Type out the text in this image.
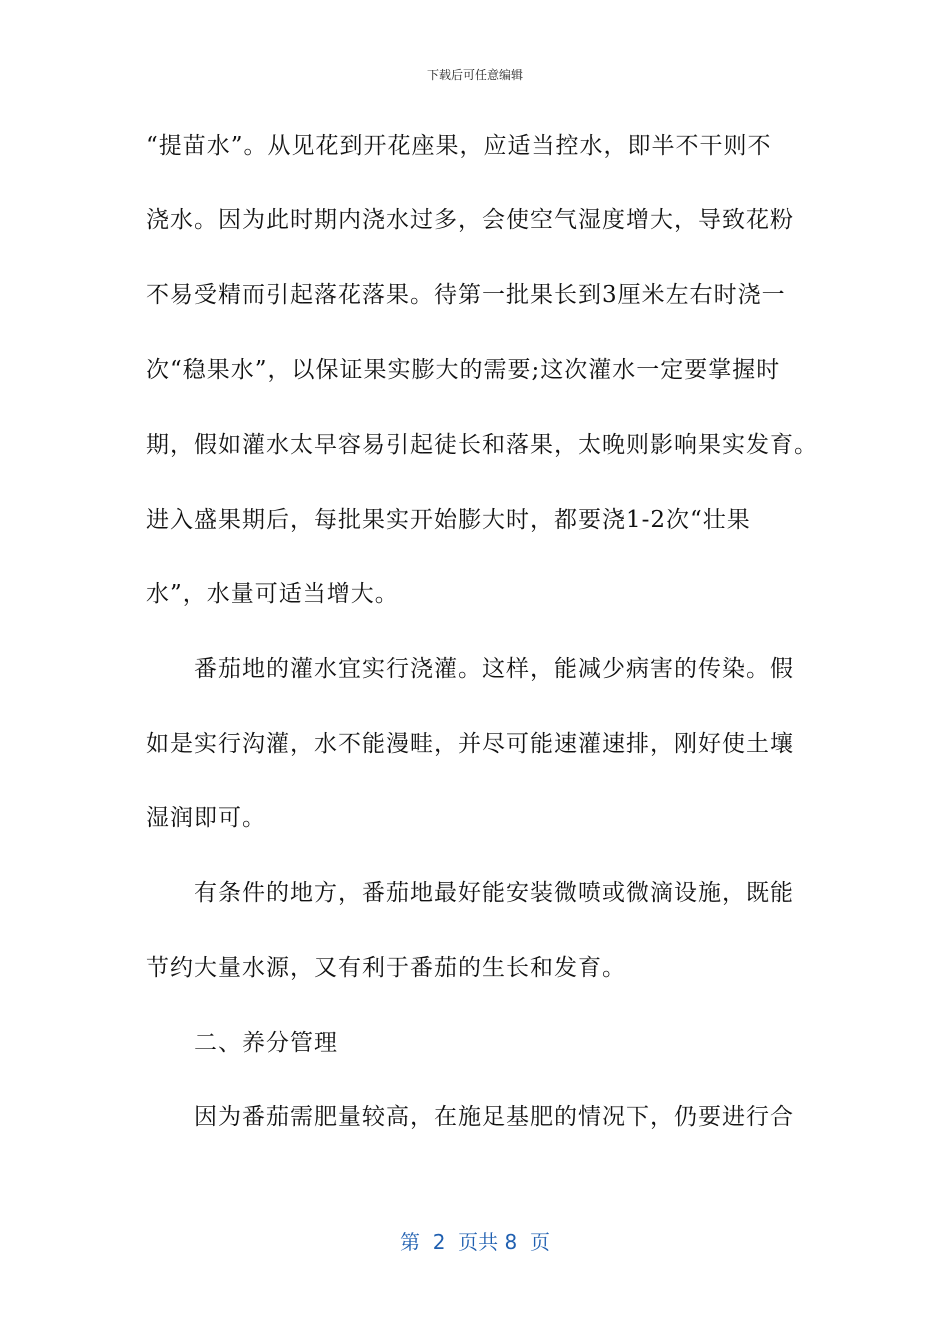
下载后可任意编辑
“提苗水”。从见花到开花座果，应适当控水，即半不干则不
浇水。因为此时期内浇水过多，会使空气湿度增大，导致花粉
不易受精而引起落花落果。待第一批果长到3厘米左右时浇一
次“稳果水”，以保证果实膨大的需要;这次灌水一定要掌握时
期，假如灌水太早容易引起徒长和落果，太晚则影响果实发育。
进入盛果期后，每批果实开始膨大时，都要浇1-2次“壮果
水”，水量可适当增大。
番茄地的灌水宜实行浇灌。这样，能减少病害的传染。假
如是实行沟灌，水不能漫畦，并尽可能速灌速排，刚好使土壤
湿润即可。
有条件的地方，番茄地最好能安装微喷或微滴设施，既能
节约大量水源，又有利于番茄的生长和发育。
二、养分管理
因为番茄需肥量较高，在施足基肥的情况下，仍要进行合
第  2  页共 8  页
